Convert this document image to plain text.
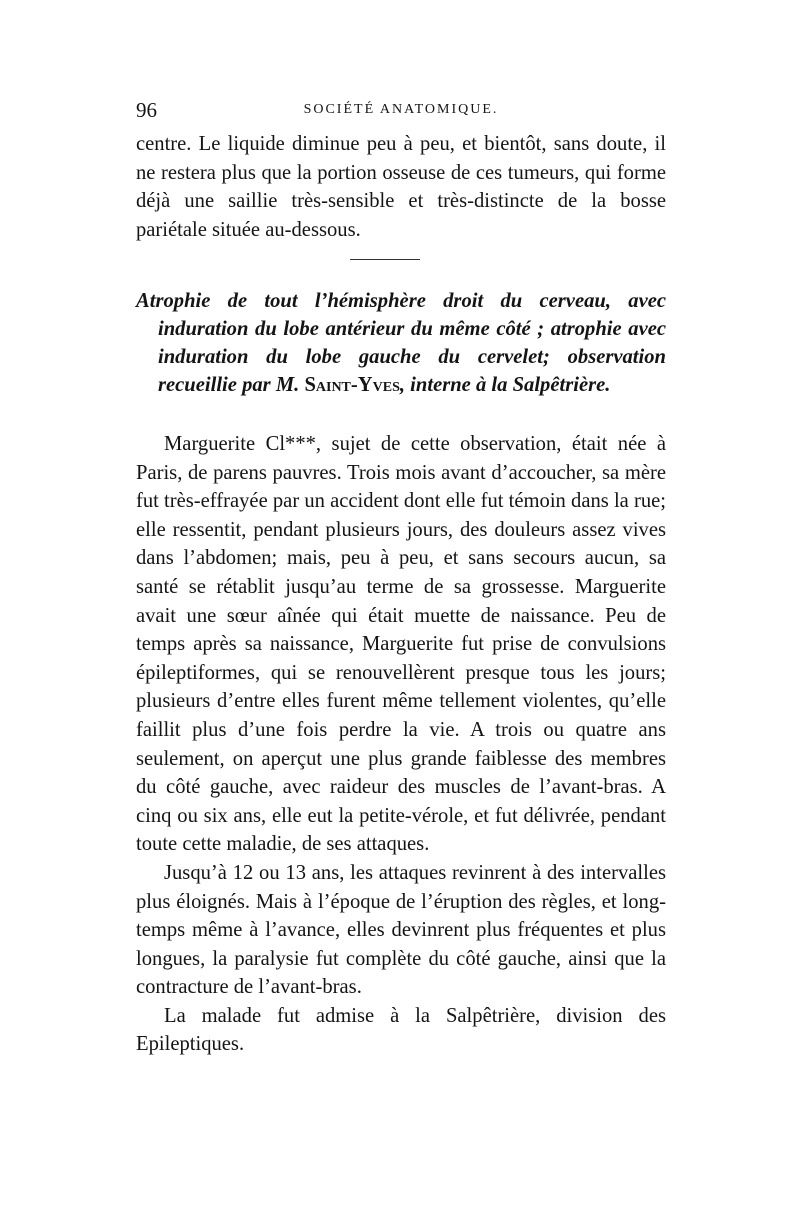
96	SOCIÉTÉ ANATOMIQUE.

centre. Le liquide diminue peu à peu, et bientôt, sans doute, il ne restera plus que la portion osseuse de ces tumeurs, qui forme déjà une saillie très-sensible et très-distincte de la bosse pariétale située au-dessous.

Atrophie de tout l’hémisphère droit du cerveau, avec induration du lobe antérieur du même côté ; atrophie avec induration du lobe gauche du cervelet; observation recueillie par M. Saint-Yves, interne à la Salpêtrière.

Marguerite Cl***, sujet de cette observation, était née à Paris, de parens pauvres. Trois mois avant d’accoucher, sa mère fut très-effrayée par un accident dont elle fut témoin dans la rue; elle ressentit, pendant plusieurs jours, des douleurs assez vives dans l’abdomen; mais, peu à peu, et sans secours aucun, sa santé se rétablit jusqu’au terme de sa grossesse. Marguerite avait une sœur aînée qui était muette de naissance. Peu de temps après sa naissance, Marguerite fut prise de convulsions épileptiformes, qui se renouvellèrent presque tous les jours; plusieurs d’entre elles furent même tellement violentes, qu’elle faillit plus d’une fois perdre la vie. A trois ou quatre ans seulement, on aperçut une plus grande faiblesse des membres du côté gauche, avec raideur des muscles de l’avant-bras. A cinq ou six ans, elle eut la petite-vérole, et fut délivrée, pendant toute cette maladie, de ses attaques.

Jusqu’à 12 ou 13 ans, les attaques revinrent à des intervalles plus éloignés. Mais à l’époque de l’éruption des règles, et long-temps même à l’avance, elles devinrent plus fréquentes et plus longues, la paralysie fut complète du côté gauche, ainsi que la contracture de l’avant-bras.

La malade fut admise à la Salpêtrière, division des Epileptiques.
